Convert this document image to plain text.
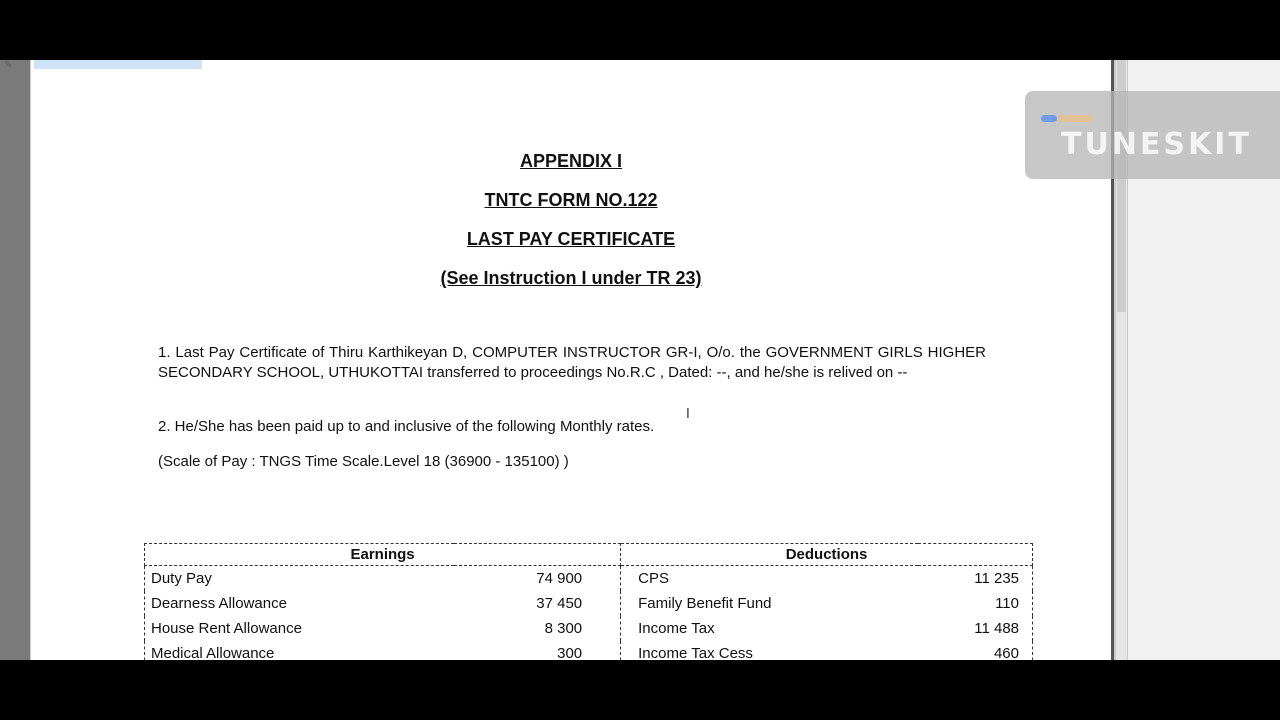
✎

APPENDIX I

TNTC FORM NO.122

LAST PAY CERTIFICATE

(See Instruction I under TR 23)

1. Last Pay Certificate of Thiru Karthikeyan D, COMPUTER INSTRUCTOR GR-I, O/o. the GOVERNMENT GIRLS HIGHER SECONDARY SCHOOL, UTHUKOTTAI transferred to proceedings No.R.C , Dated: --, and he/she is relived on --

2. He/She has been paid up to and inclusive of the following Monthly rates.

(Scale of Pay : TNGS Time Scale.Level 18 (36900 - 135100) )

I
Earnings		Deductions	
Duty Pay	74 900	CPS	11 235
Dearness Allowance	37 450	Family Benefit Fund	110
House Rent Allowance	8 300	Income Tax	11 488
Medical Allowance	300	Income Tax Cess	460
TUNESKIT
